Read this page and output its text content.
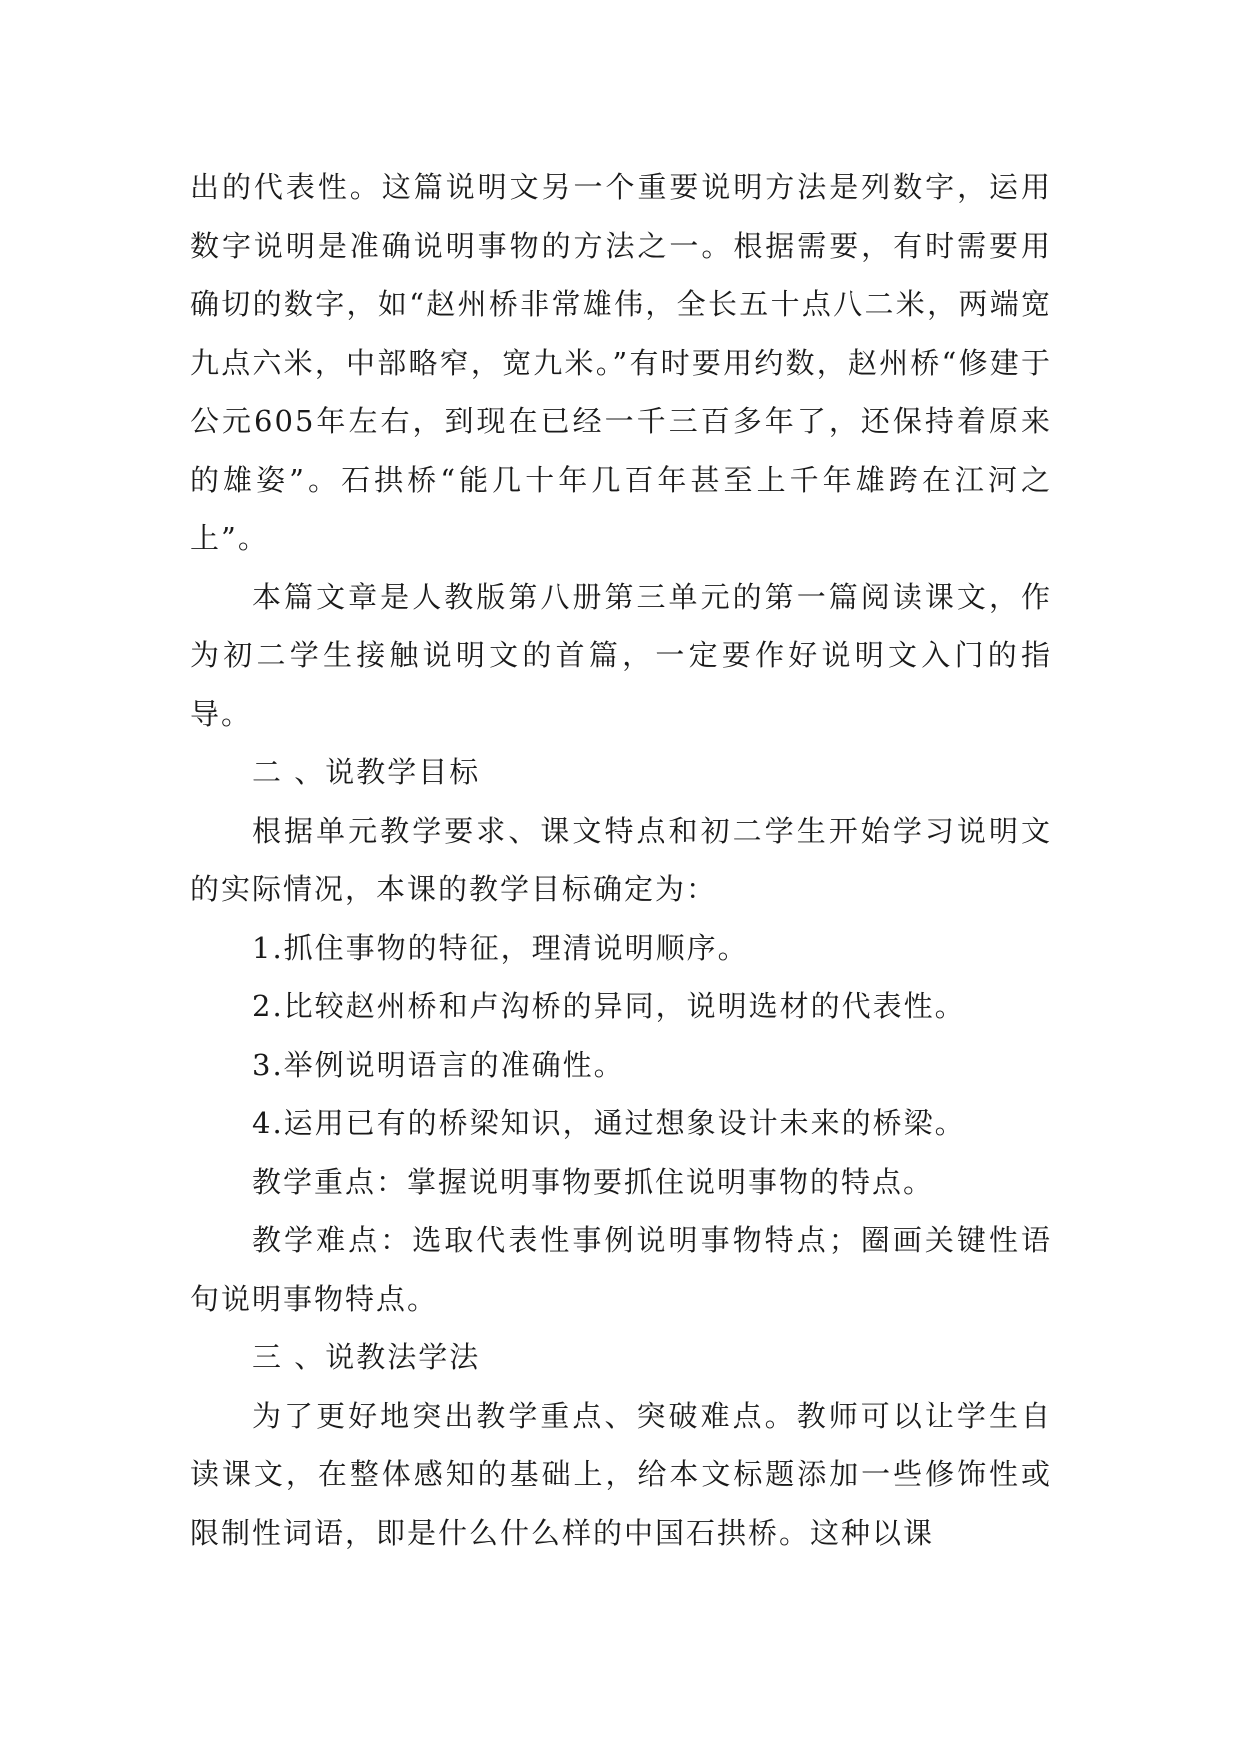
出的代表性。这篇说明文另一个重要说明方法是列数字，运用数字说明是准确说明事物的方法之一。根据需要，有时需要用确切的数字，如“赵州桥非常雄伟，全长五十点八二米，两端宽九点六米，中部略窄，宽九米。”有时要用约数，赵州桥“修建于公元605年左右，到现在已经一千三百多年了，还保持着原来的雄姿”。石拱桥“能几十年几百年甚至上千年雄跨在江河之上”。

本篇文章是人教版第八册第三单元的第一篇阅读课文，作为初二学生接触说明文的首篇，一定要作好说明文入门的指导。

二 、说教学目标

根据单元教学要求、课文特点和初二学生开始学习说明文的实际情况，本课的教学目标确定为：

1.抓住事物的特征，理清说明顺序。

2.比较赵州桥和卢沟桥的异同，说明选材的代表性。

3.举例说明语言的准确性。

4.运用已有的桥梁知识，通过想象设计未来的桥梁。

教学重点：掌握说明事物要抓住说明事物的特点。

教学难点：选取代表性事例说明事物特点；圈画关键性语句说明事物特点。

三 、说教法学法

为了更好地突出教学重点、突破难点。教师可以让学生自读课文，在整体感知的基础上，给本文标题添加一些修饰性或限制性词语，即是什么什么样的中国石拱桥。这种以课
